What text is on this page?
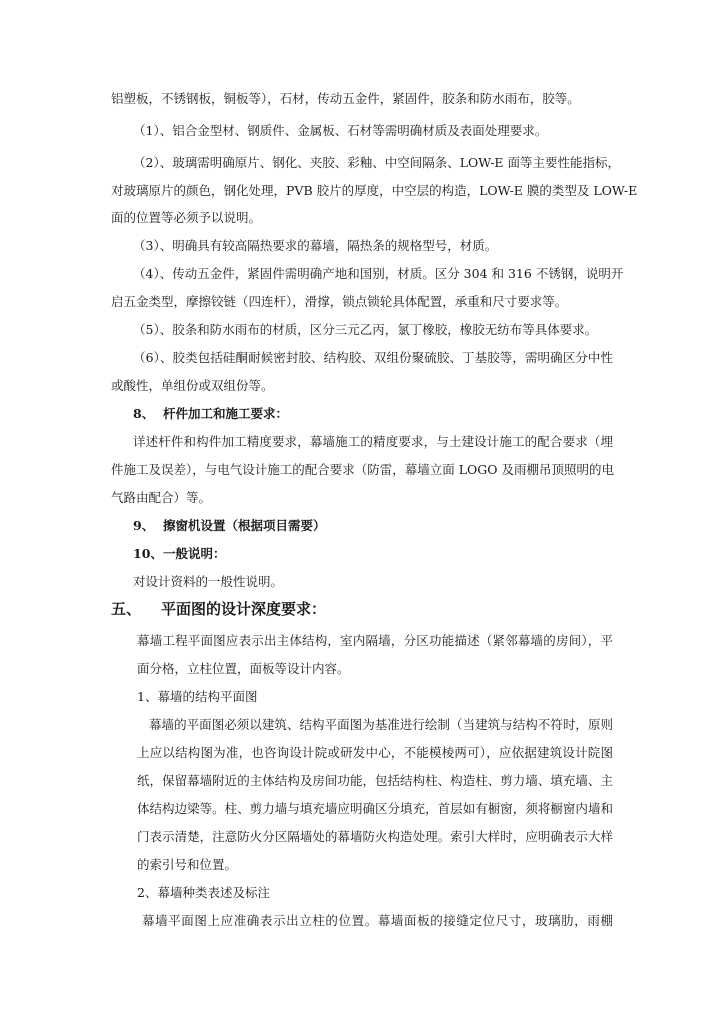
铝塑板，不锈钢板，铜板等），石材，传动五金件，紧固件，胶条和防水雨布，胶等。
（1）、铝合金型材、钢质件、金属板、石材等需明确材质及表面处理要求。
（2）、玻璃需明确原片、钢化、夹胶、彩釉、中空间隔条、LOW-E 面等主要性能指标，
对玻璃原片的颜色，钢化处理，PVB 胶片的厚度，中空层的构造，LOW-E 膜的类型及 LOW-E
面的位置等必须予以说明。
（3）、明确具有较高隔热要求的幕墙，隔热条的规格型号，材质。
（4）、传动五金件，紧固件需明确产地和国别，材质。区分 304 和 316 不锈钢，说明开
启五金类型，摩擦铰链（四连杆），滑撑，锁点锁轮具体配置，承重和尺寸要求等。
（5）、胶条和防水雨布的材质，区分三元乙丙，氯丁橡胶，橡胶无纺布等具体要求。
（6）、胶类包括硅酮耐候密封胶、结构胶、双组份聚硫胶、丁基胶等，需明确区分中性
或酸性，单组份或双组份等。
8、 杆件加工和施工要求：
详述杆件和构件加工精度要求，幕墙施工的精度要求，与土建设计施工的配合要求（埋
件施工及误差），与电气设计施工的配合要求（防雷，幕墙立面 LOGO 及雨棚吊顶照明的电
气路由配合）等。
9、 擦窗机设置（根据项目需要）
10、一般说明：
对设计资料的一般性说明。
五、 平面图的设计深度要求：
幕墙工程平面图应表示出主体结构，室内隔墙，分区功能描述（紧邻幕墙的房间），平
面分格，立柱位置，面板等设计内容。
1、幕墙的结构平面图
幕墙的平面图必须以建筑、结构平面图为基准进行绘制（当建筑与结构不符时，原则
上应以结构图为准，也咨询设计院或研发中心，不能模棱两可），应依据建筑设计院图
纸，保留幕墙附近的主体结构及房间功能，包括结构柱、构造柱、剪力墙、填充墙、主
体结构边梁等。柱、剪力墙与填充墙应明确区分填充，首层如有橱窗，须将橱窗内墙和
门表示清楚，注意防火分区隔墙处的幕墙防火构造处理。索引大样时，应明确表示大样
的索引号和位置。
2、幕墙种类表述及标注
幕墙平面图上应准确表示出立柱的位置。幕墙面板的接缝定位尺寸，玻璃肋，雨棚
